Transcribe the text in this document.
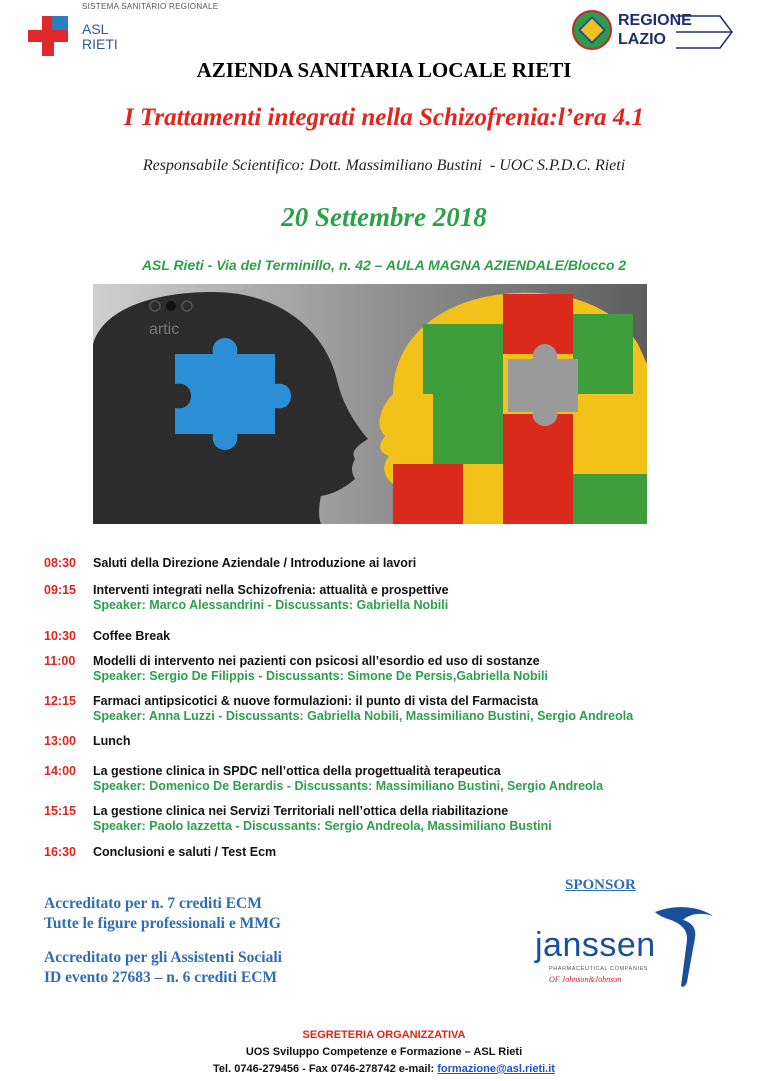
SISTEMA SANITARIO REGIONALE
ASL
RIETI
REGIONE
LAZIO
AZIENDA SANITARIA LOCALE RIETI
I Trattamenti integrati nella Schizofrenia:l’era 4.1
Responsabile Scientifico: Dott. Massimiliano Bustini  - UOC S.P.D.C. Rieti
20 Settembre 2018
ASL Rieti - Via del Terminillo, n. 42 – AULA MAGNA AZIENDALE/Blocco 2
artic
08:30	Saluti della Direzione Aziendale / Introduzione ai lavori
09:15	Interventi integrati nella Schizofrenia: attualità e prospettive
Speaker: Marco Alessandrini - Discussants: Gabriella Nobili
10:30	Coffee Break
11:00	Modelli di intervento nei pazienti con psicosi all’esordio ed uso di sostanze
Speaker: Sergio De Filippis - Discussants: Simone De Persis,Gabriella Nobili
12:15	Farmaci antipsicotici & nuove formulazioni: il punto di vista del Farmacista
Speaker: Anna Luzzi - Discussants: Gabriella Nobili, Massimiliano Bustini, Sergio Andreola
13:00	Lunch
14:00	La gestione clinica in SPDC nell’ottica della progettualità terapeutica
Speaker: Domenico De Berardis - Discussants: Massimiliano Bustini, Sergio Andreola
15:15	La gestione clinica nei Servizi Territoriali nell’ottica della riabilitazione
Speaker: Paolo Iazzetta - Discussants: Sergio Andreola, Massimiliano Bustini
16:30	Conclusioni e saluti / Test Ecm
Accreditato per n. 7 crediti ECM
Tutte le figure professionali e MMG
Accreditato per gli Assistenti Sociali
ID evento 27683 – n. 6 crediti ECM
SPONSOR
janssen
PHARMACEUTICAL COMPANIES
OF Johnson&Johnson
SEGRETERIA ORGANIZZATIVA
UOS Sviluppo Competenze e Formazione – ASL Rieti
Tel. 0746-279456 - Fax 0746-278742 e-mail: formazione@asl.rieti.it
